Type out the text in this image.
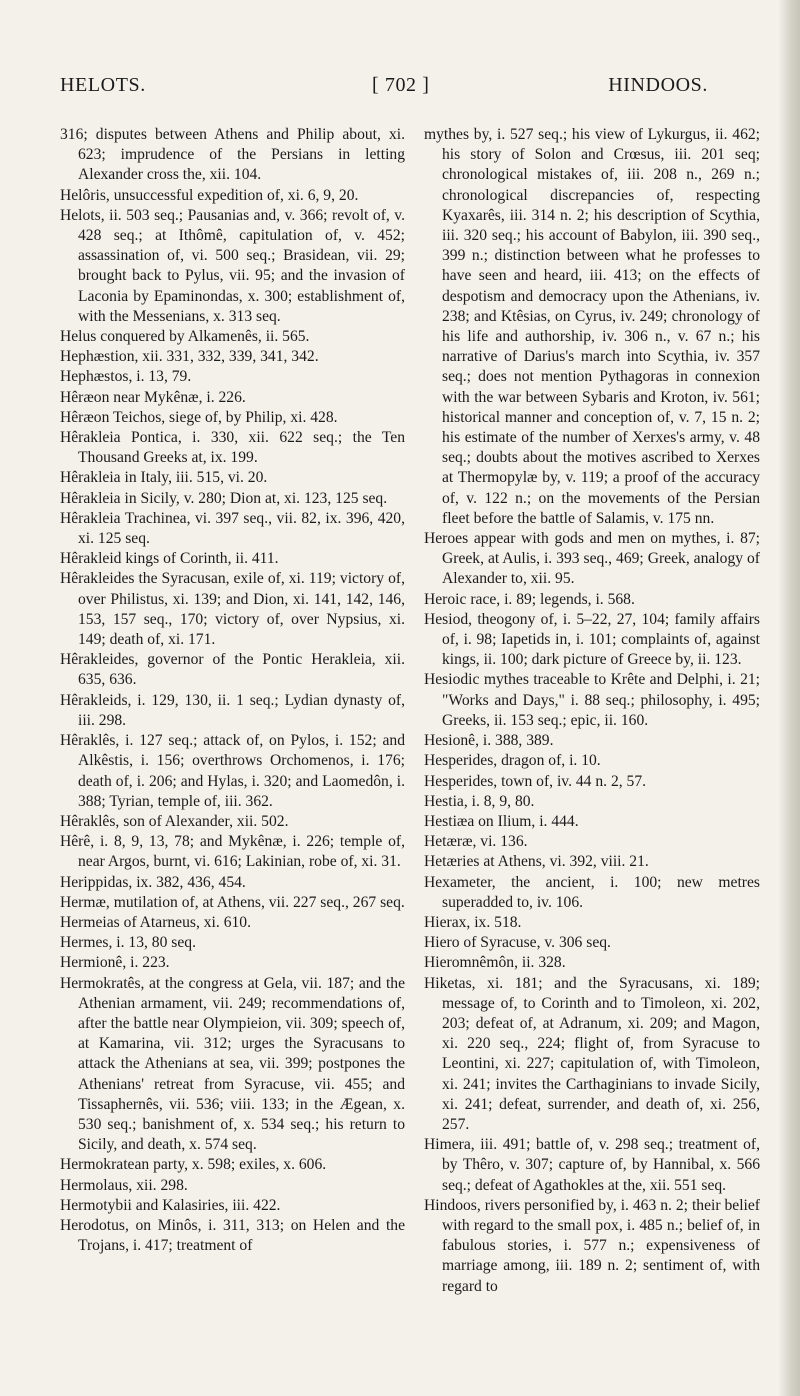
HELOTS.	[ 702 ]	HINDOOS.

316; disputes between Athens and Philip about, xi. 623; imprudence of the Persians in letting Alexander cross the, xii. 104.

Helôris, unsuccessful expedition of, xi. 6, 9, 20.

Helots, ii. 503 seq.; Pausanias and, v. 366; revolt of, v. 428 seq.; at Ithômê, capitulation of, v. 452; assassination of, vi. 500 seq.; Brasidean, vii. 29; brought back to Pylus, vii. 95; and the invasion of Laconia by Epaminondas, x. 300; establishment of, with the Messenians, x. 313 seq.

Helus conquered by Alkamenês, ii. 565.

Hephæstion, xii. 331, 332, 339, 341, 342.

Hephæstos, i. 13, 79.

Hêræon near Mykênæ, i. 226.

Hêræon Teichos, siege of, by Philip, xi. 428.

Hêrakleia Pontica, i. 330, xii. 622 seq.; the Ten Thousand Greeks at, ix. 199.

Hêrakleia in Italy, iii. 515, vi. 20.

Hêrakleia in Sicily, v. 280; Dion at, xi. 123, 125 seq.

Hêrakleia Trachinea, vi. 397 seq., vii. 82, ix. 396, 420, xi. 125 seq.

Hêrakleid kings of Corinth, ii. 411.

Hêrakleides the Syracusan, exile of, xi. 119; victory of, over Philistus, xi. 139; and Dion, xi. 141, 142, 146, 153, 157 seq., 170; victory of, over Nypsius, xi. 149; death of, xi. 171.

Hêrakleides, governor of the Pontic Herakleia, xii. 635, 636.

Hêrakleids, i. 129, 130, ii. 1 seq.; Lydian dynasty of, iii. 298.

Hêraklês, i. 127 seq.; attack of, on Pylos, i. 152; and Alkêstis, i. 156; overthrows Orchomenos, i. 176; death of, i. 206; and Hylas, i. 320; and Laomedôn, i. 388; Tyrian, temple of, iii. 362.

Hêraklês, son of Alexander, xii. 502.

Hêrê, i. 8, 9, 13, 78; and Mykênæ, i. 226; temple of, near Argos, burnt, vi. 616; Lakinian, robe of, xi. 31.

Herippidas, ix. 382, 436, 454.

Hermæ, mutilation of, at Athens, vii. 227 seq., 267 seq.

Hermeias of Atarneus, xi. 610.

Hermes, i. 13, 80 seq.

Hermionê, i. 223.

Hermokratês, at the congress at Gela, vii. 187; and the Athenian armament, vii. 249; recommendations of, after the battle near Olympieion, vii. 309; speech of, at Kamarina, vii. 312; urges the Syracusans to attack the Athenians at sea, vii. 399; postpones the Athenians' retreat from Syracuse, vii. 455; and Tissaphernês, vii. 536; viii. 133; in the Ægean, x. 530 seq.; banishment of, x. 534 seq.; his return to Sicily, and death, x. 574 seq.

Hermokratean party, x. 598; exiles, x. 606.

Hermolaus, xii. 298.

Hermotybii and Kalasiries, iii. 422.

Herodotus, on Minôs, i. 311, 313; on Helen and the Trojans, i. 417; treatment of

mythes by, i. 527 seq.; his view of Lykurgus, ii. 462; his story of Solon and Crœsus, iii. 201 seq; chronological mistakes of, iii. 208 n., 269 n.; chronological discrepancies of, respecting Kyaxarês, iii. 314 n. 2; his description of Scythia, iii. 320 seq.; his account of Babylon, iii. 390 seq., 399 n.; distinction between what he professes to have seen and heard, iii. 413; on the effects of despotism and democracy upon the Athenians, iv. 238; and Ktêsias, on Cyrus, iv. 249; chronology of his life and authorship, iv. 306 n., v. 67 n.; his narrative of Darius's march into Scythia, iv. 357 seq.; does not mention Pythagoras in connexion with the war between Sybaris and Kroton, iv. 561; historical manner and conception of, v. 7, 15 n. 2; his estimate of the number of Xerxes's army, v. 48 seq.; doubts about the motives ascribed to Xerxes at Thermopylæ by, v. 119; a proof of the accuracy of, v. 122 n.; on the movements of the Persian fleet before the battle of Salamis, v. 175 nn.

Heroes appear with gods and men on mythes, i. 87; Greek, at Aulis, i. 393 seq., 469; Greek, analogy of Alexander to, xii. 95.

Heroic race, i. 89; legends, i. 568.

Hesiod, theogony of, i. 5–22, 27, 104; family affairs of, i. 98; Iapetids in, i. 101; complaints of, against kings, ii. 100; dark picture of Greece by, ii. 123.

Hesiodic mythes traceable to Krête and Delphi, i. 21; "Works and Days," i. 88 seq.; philosophy, i. 495; Greeks, ii. 153 seq.; epic, ii. 160.

Hesionê, i. 388, 389.

Hesperides, dragon of, i. 10.

Hesperides, town of, iv. 44 n. 2, 57.

Hestia, i. 8, 9, 80.

Hestiæa on Ilium, i. 444.

Hetæræ, vi. 136.

Hetæries at Athens, vi. 392, viii. 21.

Hexameter, the ancient, i. 100; new metres superadded to, iv. 106.

Hierax, ix. 518.

Hiero of Syracuse, v. 306 seq.

Hieromnêmôn, ii. 328.

Hiketas, xi. 181; and the Syracusans, xi. 189; message of, to Corinth and to Timoleon, xi. 202, 203; defeat of, at Adranum, xi. 209; and Magon, xi. 220 seq., 224; flight of, from Syracuse to Leontini, xi. 227; capitulation of, with Timoleon, xi. 241; invites the Carthaginians to invade Sicily, xi. 241; defeat, surrender, and death of, xi. 256, 257.

Himera, iii. 491; battle of, v. 298 seq.; treatment of, by Thêro, v. 307; capture of, by Hannibal, x. 566 seq.; defeat of Agathokles at the, xii. 551 seq.

Hindoos, rivers personified by, i. 463 n. 2; their belief with regard to the small pox, i. 485 n.; belief of, in fabulous stories, i. 577 n.; expensiveness of marriage among, iii. 189 n. 2; sentiment of, with regard to
